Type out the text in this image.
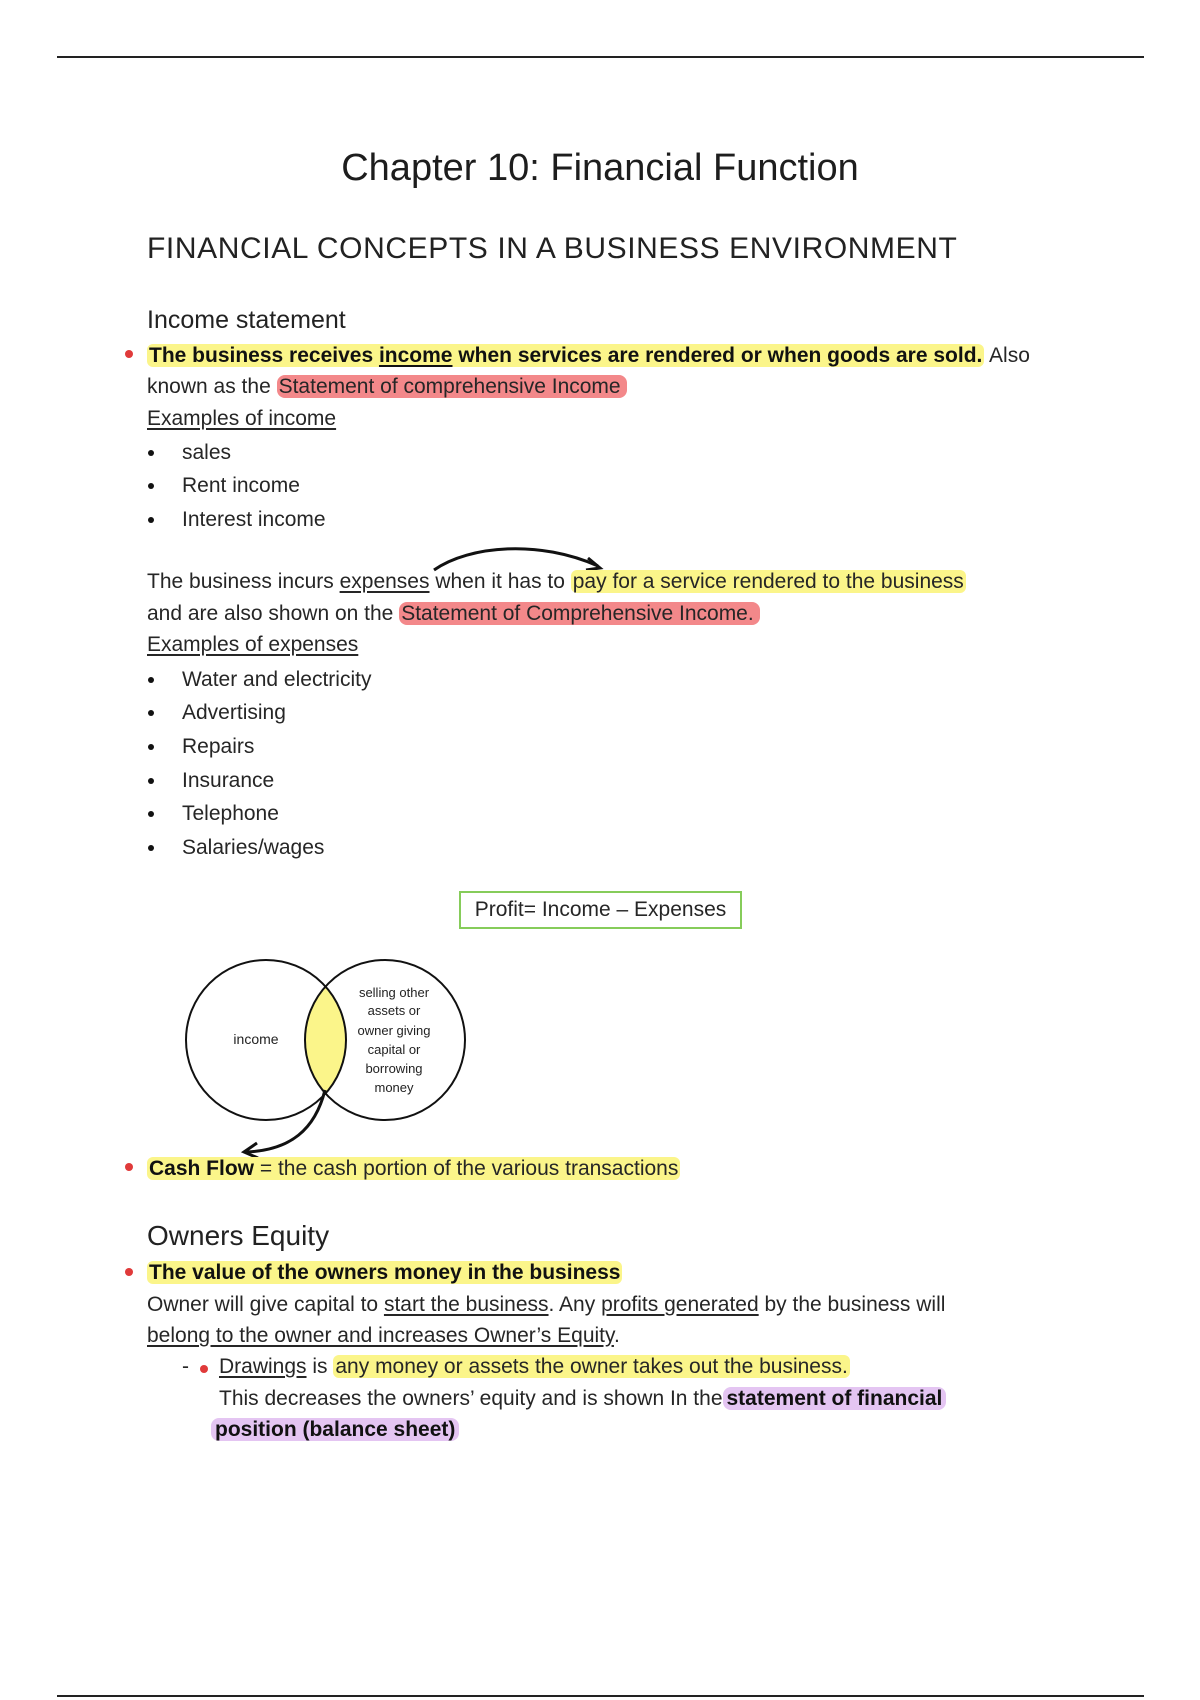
Chapter 10: Financial Function
FINANCIAL CONCEPTS IN A BUSINESS ENVIRONMENT
Income statement
The business receives income when services are rendered or when goods are sold. Also
known as the Statement of comprehensive Income
Examples of income
sales
Rent income
Interest income
The business incurs expenses when it has to pay for a service rendered to the business
and are also shown on the Statement of Comprehensive Income.
Examples of expenses
Water and electricity
Advertising
Repairs
Insurance
Telephone
Salaries/wages
Profit= Income – Expenses
income
selling other
assets or
owner giving
capital or
borrowing
money
Cash Flow = the cash portion of the various transactions
Owners Equity
The value of the owners money in the business
Owner will give capital to start the business. Any profits generated by the business will
belong to the owner and increases Owner’s Equity.
- Drawings is any money or assets the owner takes out the business.
This decreases the owners’ equity and is shown In the statement of financial
position (balance sheet)
